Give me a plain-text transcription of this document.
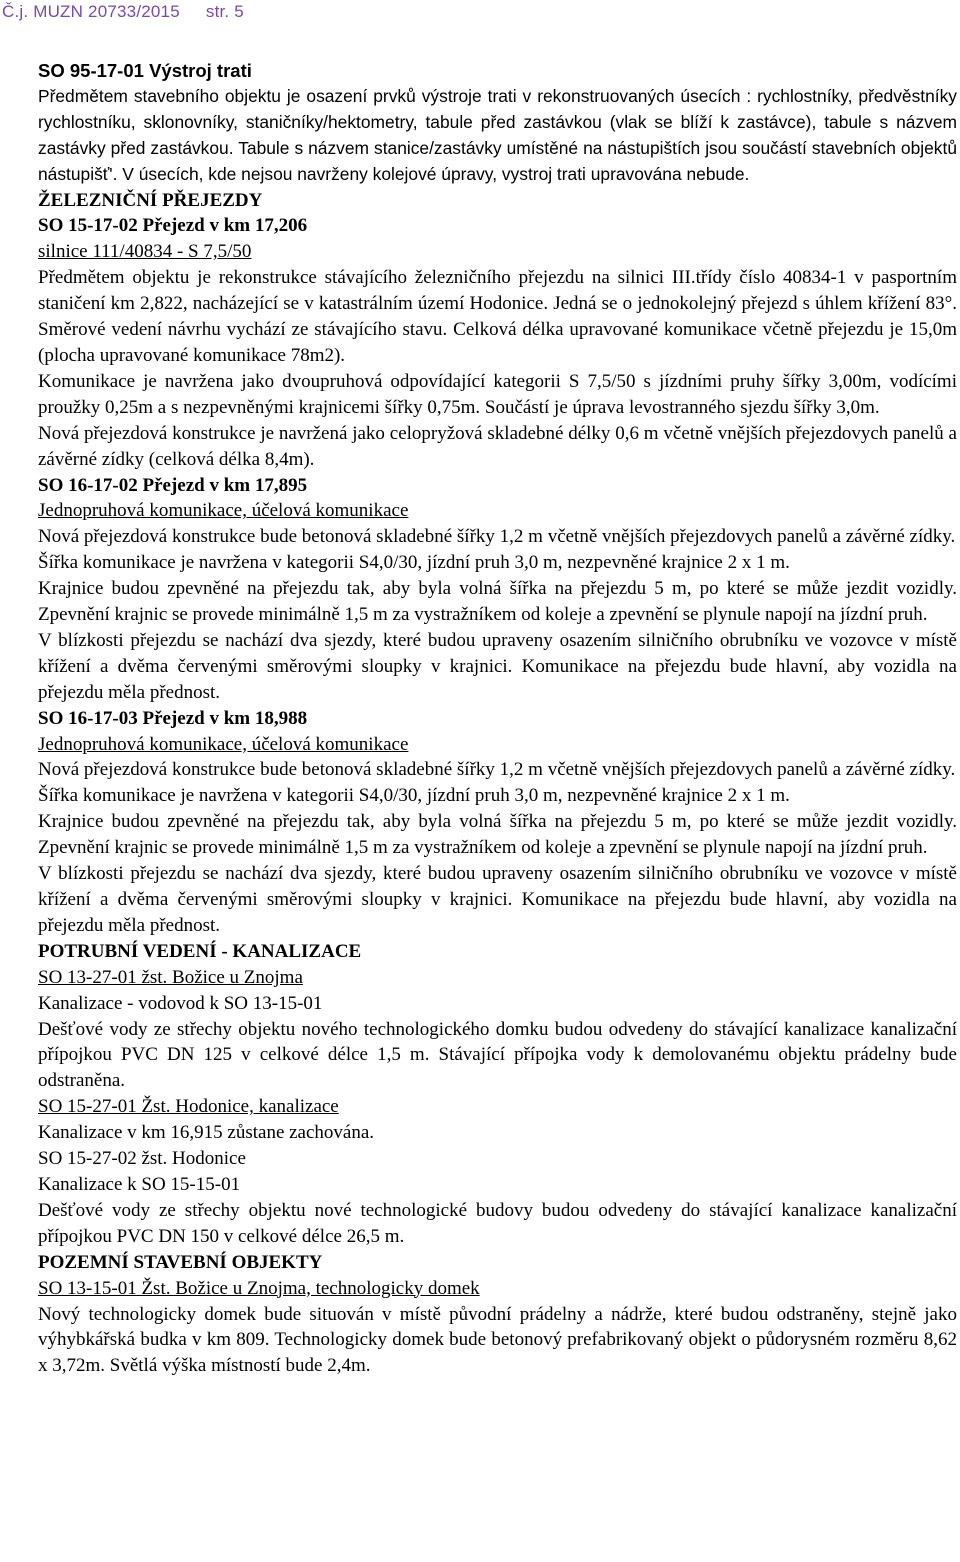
Č.j. MUZN 20733/2015 str. 5

SO 95-17-01 Výstroj trati

Předmětem stavebního objektu je osazení prvků výstroje trati v rekonstruovaných úsecích : rychlostníky, předvěstníky rychlostníku, sklonovníky, staničníky/hektometry, tabule před zastávkou (vlak se blíží k zastávce), tabule s názvem zastávky před zastávkou. Tabule s názvem stanice/zastávky umístěné na nástupištích jsou součástí stavebních objektů nástupišť'. V úsecích, kde nejsou navrženy kolejové úpravy, vystroj trati upravována nebude.

ŽELEZNIČNÍ PŘEJEZDY

SO 15-17-02 Přejezd v km 17,206

silnice 111/40834 - S 7,5/50

Předmětem objektu je rekonstrukce stávajícího železničního přejezdu na silnici III.třídy číslo 40834-1 v pasportním staničení km 2,822, nacházející se v katastrálním území Hodonice. Jedná se o jednokolejný přejezd s úhlem křížení 83°. Směrové vedení návrhu vychází ze stávajícího stavu. Celková délka upravované komunikace včetně přejezdu je 15,0m (plocha upravované komunikace 78m2).

Komunikace je navržena jako dvoupruhová odpovídající kategorii S 7,5/50 s jízdními pruhy šířky 3,00m, vodícími proužky 0,25m a s nezpevněnými krajnicemi šířky 0,75m. Součástí je úprava levostranného sjezdu šířky 3,0m.

Nová přejezdová konstrukce je navržená jako celopryžová skladebné délky 0,6 m včetně vnějších přejezdovych panelů a závěrné zídky (celková délka 8,4m).

SO 16-17-02 Přejezd v km 17,895

Jednopruhová komunikace, účelová komunikace

Nová přejezdová konstrukce bude betonová skladebné šířky 1,2 m včetně vnějších přejezdovych panelů a závěrné zídky.

Šířka komunikace je navržena v kategorii S4,0/30, jízdní pruh 3,0 m, nezpevněné krajnice 2 x 1 m.

Krajnice budou zpevněné na přejezdu tak, aby byla volná šířka na přejezdu 5 m, po které se může jezdit vozidly. Zpevnění krajnic se provede minimálně 1,5 m za vystražníkem od koleje a zpevnění se plynule napojí na jízdní pruh.

V blízkosti přejezdu se nachází dva sjezdy, které budou upraveny osazením silničního obrubníku ve vozovce v místě křížení a dvěma červenými směrovými sloupky v krajnici. Komunikace na přejezdu bude hlavní, aby vozidla na přejezdu měla přednost.

SO 16-17-03 Přejezd v km 18,988

Jednopruhová komunikace, účelová komunikace

Nová přejezdová konstrukce bude betonová skladebné šířky 1,2 m včetně vnějších přejezdovych panelů a závěrné zídky.

Šířka komunikace je navržena v kategorii S4,0/30, jízdní pruh 3,0 m, nezpevněné krajnice 2 x 1 m.

Krajnice budou zpevněné na přejezdu tak, aby byla volná šířka na přejezdu 5 m, po které se může jezdit vozidly. Zpevnění krajnic se provede minimálně 1,5 m za vystražníkem od koleje a zpevnění se plynule napojí na jízdní pruh.

V blízkosti přejezdu se nachází dva sjezdy, které budou upraveny osazením silničního obrubníku ve vozovce v místě křížení a dvěma červenými směrovými sloupky v krajnici. Komunikace na přejezdu bude hlavní, aby vozidla na přejezdu měla přednost.

POTRUBNÍ VEDENÍ - KANALIZACE

SO 13-27-01 žst. Božice u Znojma

Kanalizace - vodovod k SO 13-15-01

Dešťové vody ze střechy objektu nového technologického domku budou odvedeny do stávající kanalizace kanalizační přípojkou PVC DN 125 v celkové délce 1,5 m. Stávající přípojka vody k demolovanému objektu prádelny bude odstraněna.

SO 15-27-01 Žst. Hodonice, kanalizace

Kanalizace v km 16,915 zůstane zachována.

SO 15-27-02 žst. Hodonice

Kanalizace k SO 15-15-01

Dešťové vody ze střechy objektu nové technologické budovy budou odvedeny do stávající kanalizace kanalizační přípojkou PVC DN 150 v celkové délce 26,5 m.

POZEMNÍ STAVEBNÍ OBJEKTY

SO 13-15-01 Žst. Božice u Znojma, technologicky domek

Nový technologicky domek bude situován v místě původní prádelny a nádrže, které budou odstraněny, stejně jako výhybkářská budka v km 809. Technologicky domek bude betonový prefabrikovaný objekt o půdorysném rozměru 8,62 x 3,72m. Světlá výška místností bude 2,4m.
